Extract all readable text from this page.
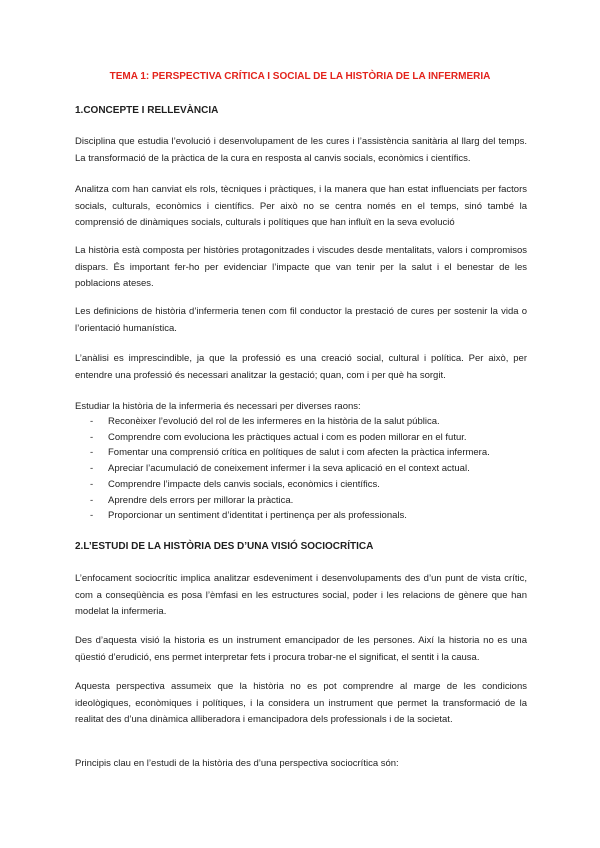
TEMA 1: PERSPECTIVA CRÍTICA I SOCIAL DE LA HISTÒRIA DE LA INFERMERIA
1.CONCEPTE I RELLEVÀNCIA

Disciplina que estudia l’evolució i desenvolupament de les cures i l’assistència sanitària al llarg del temps. La transformació de la pràctica de la cura en resposta al canvis socials, econòmics i científics.

Analitza com han canviat els rols, tècniques i pràctiques, i la manera que han estat influenciats per factors socials, culturals, econòmics i científics. Per això no se centra només en el temps, sinó també la comprensió de dinàmiques socials, culturals i polítiques que han influït en la seva evolució

La història està composta per històries protagonitzades i viscudes desde mentalitats, valors i compromisos dispars. És important fer-ho per evidenciar l’impacte que van tenir per la salut i el benestar de les poblacions ateses.

Les definicions de història d’infermeria tenen com fil conductor la prestació de cures per sostenir la vida o l’orientació humanística.

L’anàlisi es imprescindible, ja que la professió es una creació social, cultural i política. Per això, per entendre una professió és necessari analitzar la gestació; quan, com i per què ha sorgit.

Estudiar la història de la infermeria és necessari per diverses raons:

- Reconèixer l’evolució del rol de les infermeres en la història de la salut pública.
- Comprendre com evoluciona les pràctiques actual i com es poden millorar en el futur.
- Fomentar una comprensió crítica en polítiques de salut i com afecten la pràctica infermera.
- Apreciar l’acumulació de coneixement infermer i la seva aplicació en el context actual.
- Comprendre l’impacte dels canvis socials, econòmics i científics.
- Aprendre dels errors per millorar la pràctica.
- Proporcionar un sentiment d’identitat i pertinença per als professionals.
2.L’ESTUDI DE LA HISTÒRIA DES D’UNA VISIÓ SOCIOCRÍTICA

L’enfocament sociocrític implica analitzar esdeveniment i desenvolupaments des d’un punt de vista crític, com a conseqüència es posa l’èmfasi en les estructures social, poder i les relacions de gènere que han modelat la infermeria.

Des d’aquesta visió la historia es un instrument emancipador de les persones. Així la historia no es una qüestió d’erudició, ens permet interpretar fets i procura trobar-ne el significat, el sentit i la causa.

Aquesta perspectiva assumeix que la història no es pot comprendre al marge de les condicions ideològiques, econòmiques i polítiques, i la considera un instrument que permet la transformació de la realitat des d’una dinàmica alliberadora i emancipadora dels professionals i de la societat.

Principis clau en l’estudi de la història des d’una perspectiva sociocrítica són:
